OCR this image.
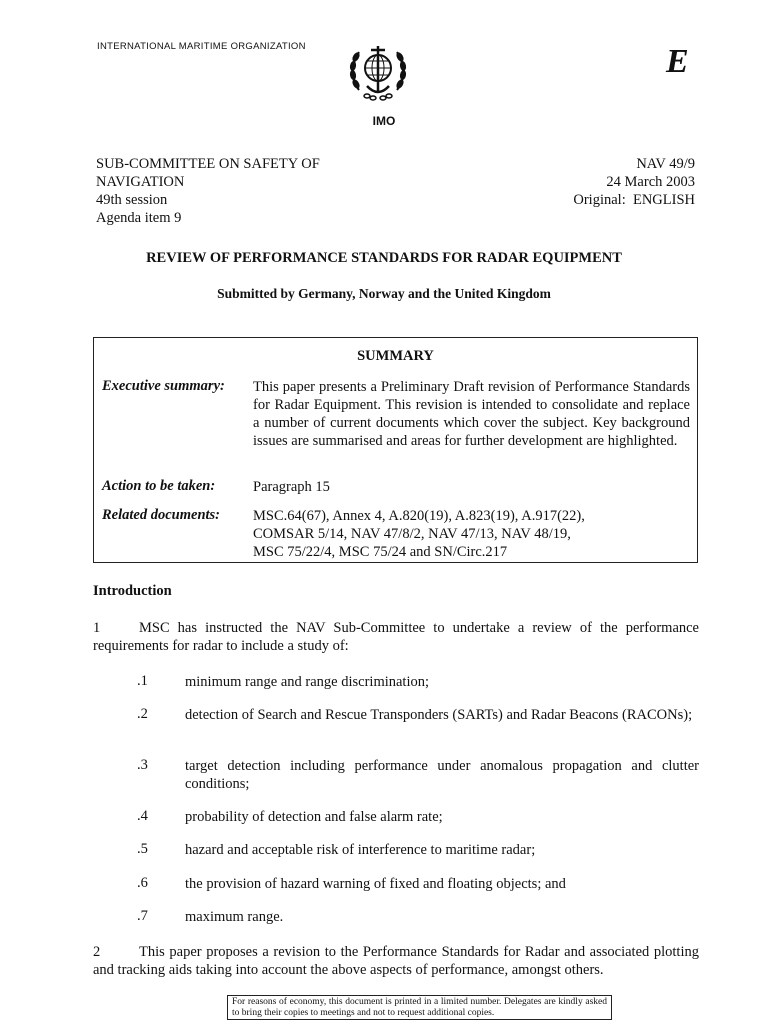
INTERNATIONAL MARITIME ORGANIZATION
IMO
E
SUB-COMMITTEE ON SAFETY OF
NAVIGATION
49th session
Agenda item 9
NAV 49/9
24 March 2003
Original:  ENGLISH
REVIEW OF PERFORMANCE STANDARDS FOR RADAR EQUIPMENT
Submitted by Germany, Norway and the United Kingdom
SUMMARY
Executive summary: This paper presents a Preliminary Draft revision of Performance Standards for Radar Equipment. This revision is intended to consolidate and replace a number of current documents which cover the subject. Key background issues are summarised and areas for further development are highlighted.
Action to be taken:	Paragraph 15
Related documents: MSC.64(67), Annex 4, A.820(19), A.823(19), A.917(22),
COMSAR 5/14, NAV 47/8/2, NAV 47/13, NAV 48/19,
MSC 75/22/4, MSC 75/24 and SN/Circ.217
Introduction
1	MSC has instructed the NAV Sub-Committee to undertake a review of the performance requirements for radar to include a study of:
.1	minimum range and range discrimination;
.2	detection of Search and Rescue Transponders (SARTs) and Radar Beacons (RACONs);
.3	target detection including performance under anomalous propagation and clutter conditions;
.4	probability of detection and false alarm rate;
.5	hazard and acceptable risk of interference to maritime radar;
.6	the provision of hazard warning of fixed and floating objects; and
.7	maximum range.
2	This paper proposes a revision to the Performance Standards for Radar and associated plotting and tracking aids taking into account the above aspects of performance, amongst others.
For reasons of economy, this document is printed in a limited number. Delegates are kindly asked to bring their copies to meetings and not to request additional copies.
